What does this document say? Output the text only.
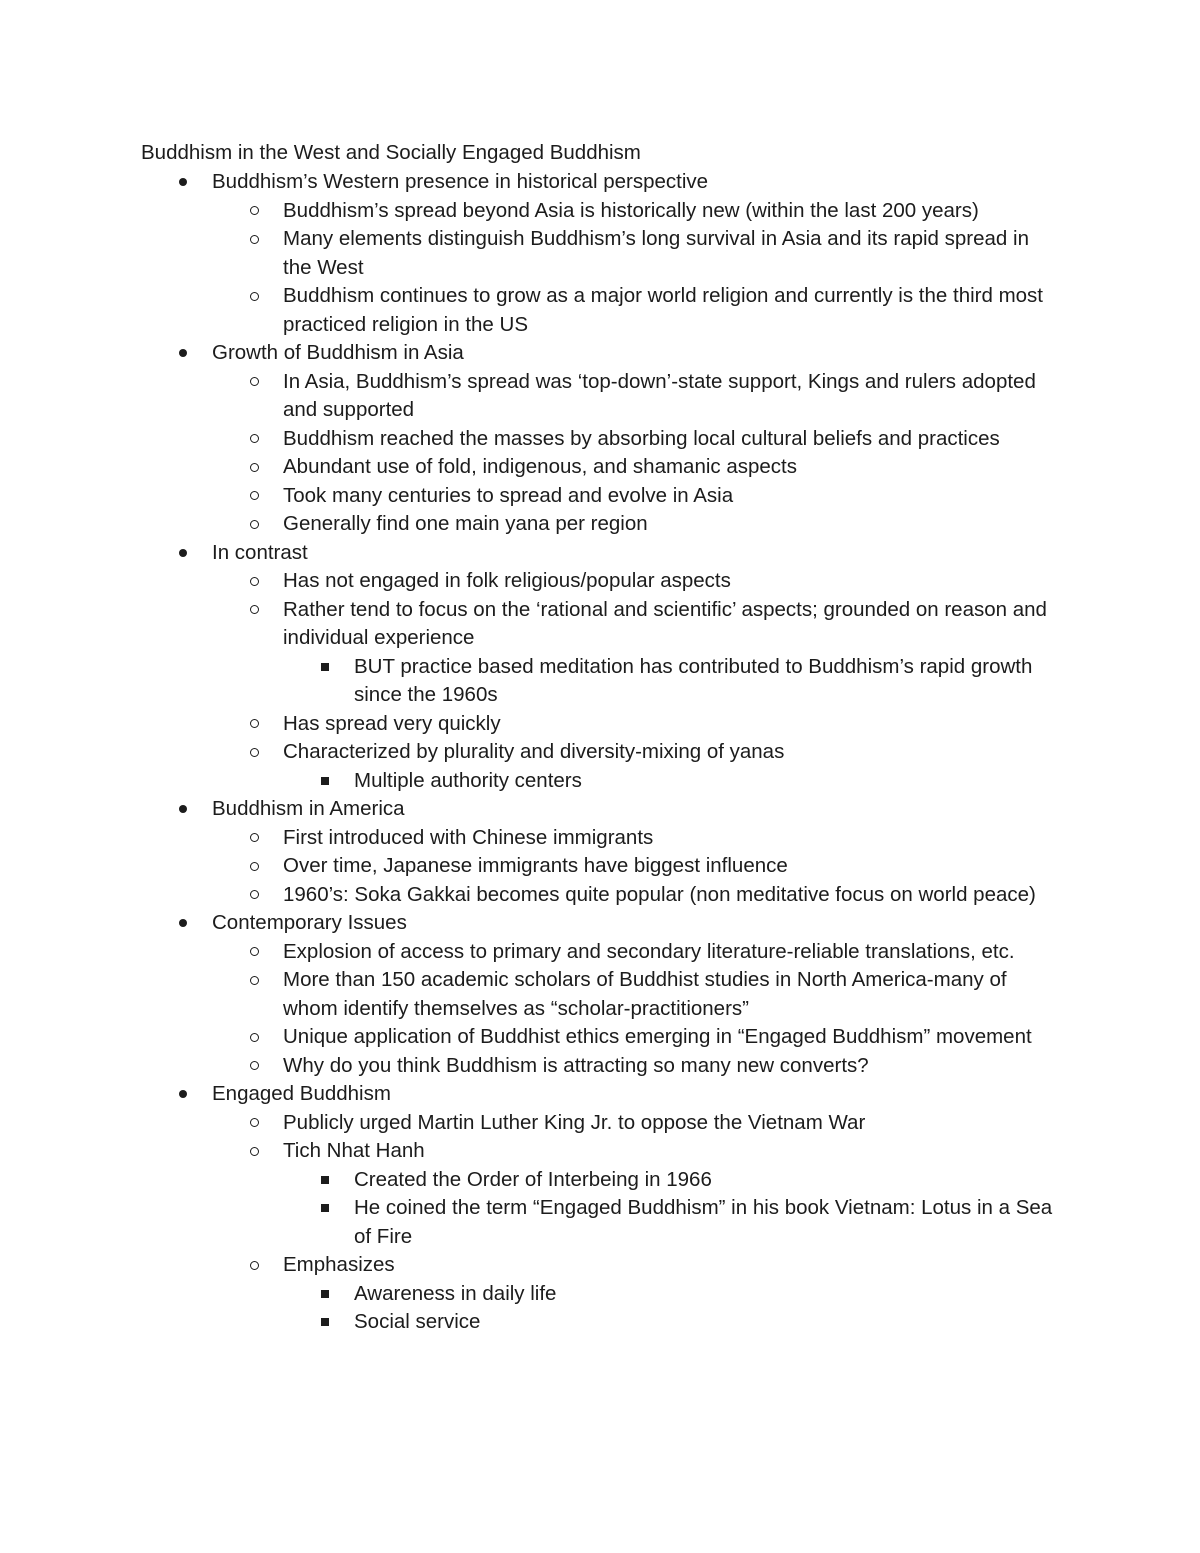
Buddhism in the West and Socially Engaged Buddhism
Buddhism’s Western presence in historical perspective
Buddhism’s spread beyond Asia is historically new (within the last 200 years)
Many elements distinguish Buddhism’s long survival in Asia and its rapid spread in the West
Buddhism continues to grow as a major world religion and currently is the third most practiced religion in the US
Growth of Buddhism in Asia
In Asia, Buddhism’s spread was ‘top-down’-state support, Kings and rulers adopted and supported
Buddhism reached the masses by absorbing local cultural beliefs and practices
Abundant use of fold, indigenous, and shamanic aspects
Took many centuries to spread and evolve in Asia
Generally find one main yana per region
In contrast
Has not engaged in folk religious/popular aspects
Rather tend to focus on the ‘rational and scientific’ aspects; grounded on reason and individual experience
BUT practice based meditation has contributed to Buddhism’s rapid growth since the 1960s
Has spread very quickly
Characterized by plurality and diversity-mixing of yanas
Multiple authority centers
Buddhism in America
First introduced with Chinese immigrants
Over time, Japanese immigrants have biggest influence
1960’s: Soka Gakkai becomes quite popular (non meditative focus on world peace)
Contemporary Issues
Explosion of access to primary and secondary literature-reliable translations, etc.
More than 150 academic scholars of Buddhist studies in North America-many of whom identify themselves as “scholar-practitioners”
Unique application of Buddhist ethics emerging in “Engaged Buddhism” movement
Why do you think Buddhism is attracting so many new converts?
Engaged Buddhism
Publicly urged Martin Luther King Jr. to oppose the Vietnam War
Tich Nhat Hanh
Created the Order of Interbeing in 1966
He coined the term “Engaged Buddhism” in his book Vietnam: Lotus in a Sea of Fire
Emphasizes
Awareness in daily life
Social service
